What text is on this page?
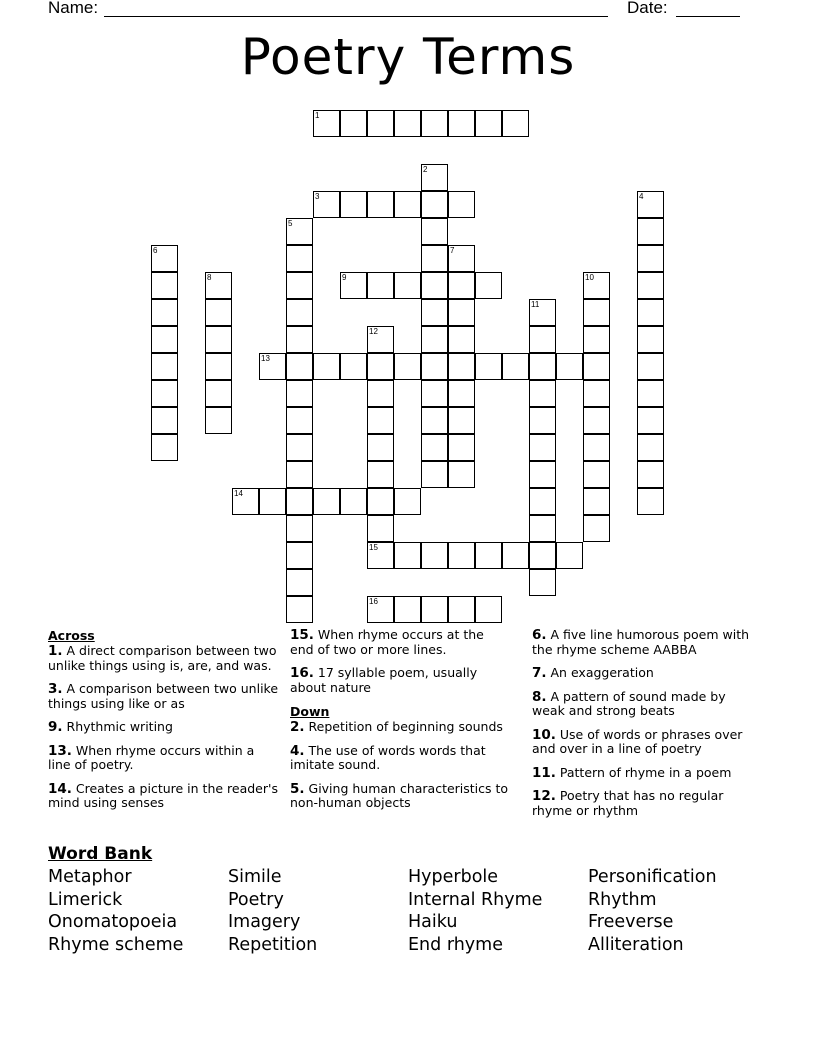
Name:	Date:
Poetry Terms
1
2
3	4
5
6	7
8	9	10
11
12
15
13
14
16
Across
1. A direct comparison between two unlike things using is, are, and was.
3. A comparison between two unlike things using like or as
9. Rhythmic writing
13. When rhyme occurs within a line of poetry.
14. Creates a picture in the reader's mind using senses
15. When rhyme occurs at the end of two or more lines.
16. 17 syllable poem, usually about nature
Down
2. Repetition of beginning sounds
4. The use of words words that imitate sound.
5. Giving human characteristics to non-human objects
6. A five line humorous poem with the rhyme scheme AABBA
7. An exaggeration
8. A pattern of sound made by weak and strong beats
10. Use of words or phrases over and over in a line of poetry
11. Pattern of rhyme in a poem
12. Poetry that has no regular rhyme or rhythm
Word Bank
Metaphor	Simile	Hyperbole	Personification
Limerick	Poetry	Internal Rhyme	Rhythm
Onomatopoeia	Imagery	Haiku	Freeverse
Rhyme scheme	Repetition	End rhyme	Alliteration
